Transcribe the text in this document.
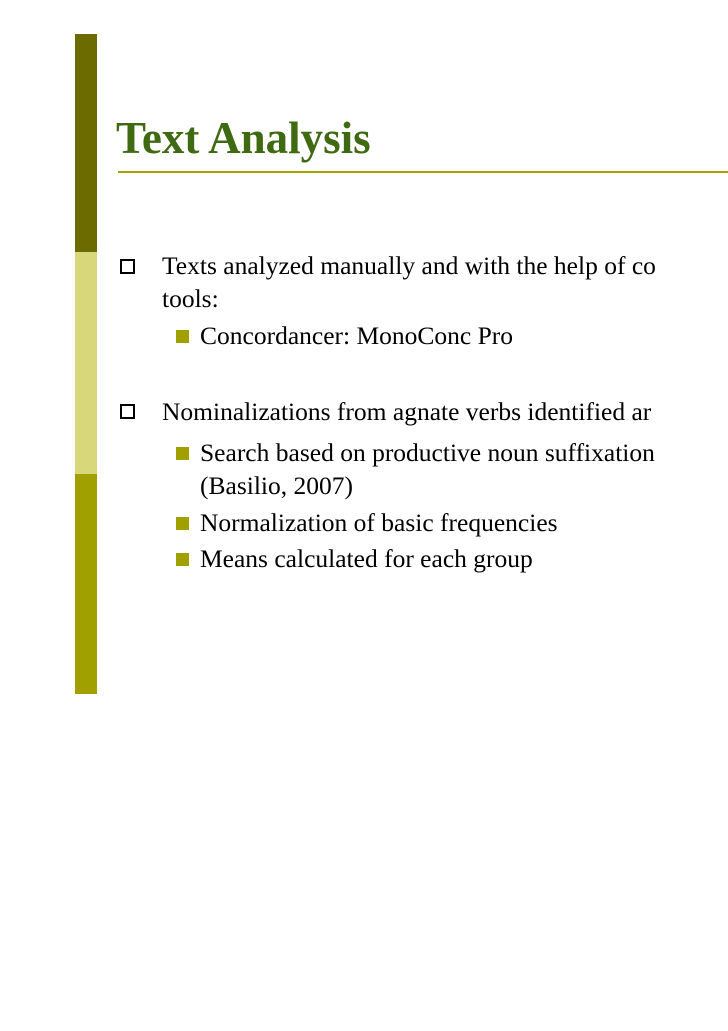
Text Analysis
Texts analyzed manually and with the help of co
tools:
Concordancer: MonoConc Pro
Nominalizations from agnate verbs identified ar
Search based on productive noun suffixation
(Basilio, 2007)
Normalization of basic frequencies
Means calculated for each group
